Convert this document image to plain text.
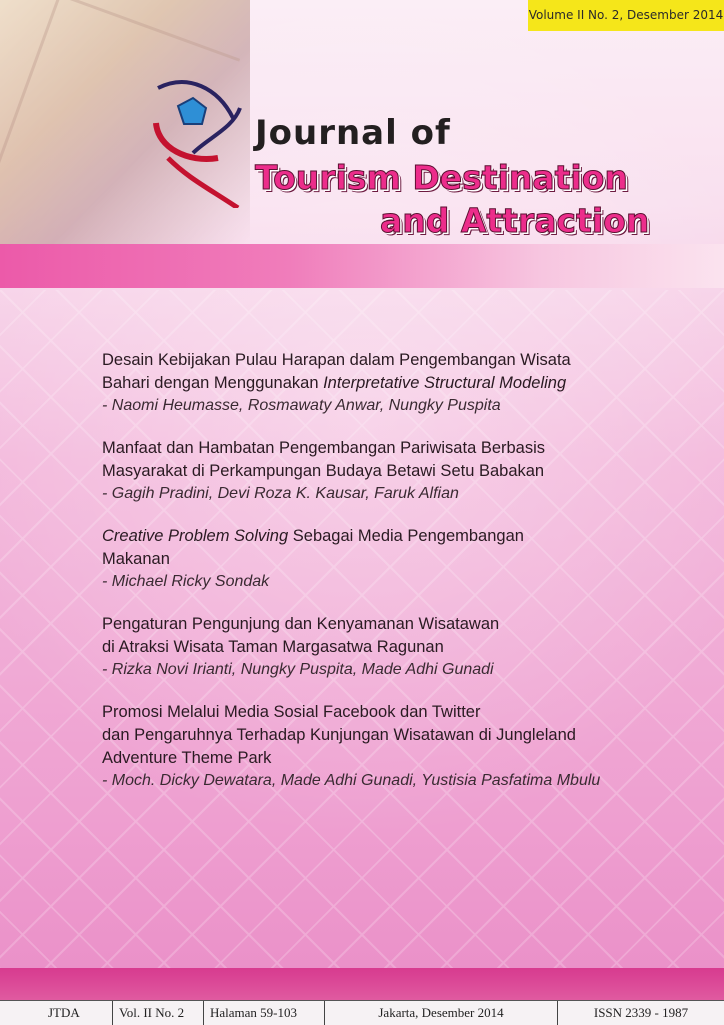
Volume II No. 2, Desember 2014
Journal of
Tourism Destination
and Attraction
Desain Kebijakan Pulau Harapan dalam Pengembangan Wisata
Bahari dengan Menggunakan Interpretative Structural Modeling
- Naomi Heumasse, Rosmawaty Anwar, Nungky Puspita
Manfaat dan Hambatan Pengembangan Pariwisata Berbasis
Masyarakat di Perkampungan Budaya Betawi Setu Babakan
- Gagih Pradini, Devi Roza K. Kausar, Faruk Alfian
Creative Problem Solving Sebagai Media Pengembangan
Makanan
- Michael Ricky Sondak
Pengaturan Pengunjung dan Kenyamanan Wisatawan
di Atraksi Wisata Taman Margasatwa Ragunan
- Rizka Novi Irianti, Nungky Puspita, Made Adhi Gunadi
Promosi Melalui Media Sosial Facebook dan Twitter
dan Pengaruhnya Terhadap Kunjungan Wisatawan di Jungleland
Adventure Theme Park
- Moch. Dicky Dewatara, Made Adhi Gunadi, Yustisia Pasfatima Mbulu
JTDA	Vol. II No. 2	Halaman 59-103	Jakarta, Desember 2014	ISSN 2339 - 1987
